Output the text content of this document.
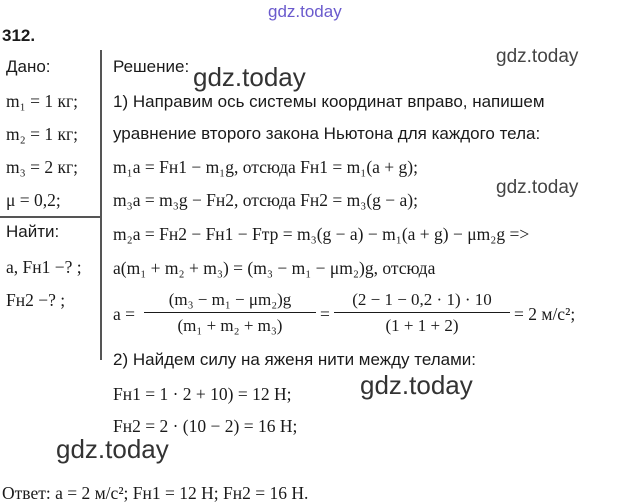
gdz.today
gdz.today
gdz.today
gdz.today
gdz.today
gdz.today
312.
Дано:
m₁ = 1 кг;
m₂ = 1 кг;
m₃ = 2 кг;
μ = 0,2;
Найти:
a, Fн1 −? ;
Fн2 −? ;
Решение:
1) Направим ось системы координат вправо, напишем
уравнение второго закона Ньютона для каждого тела:
m₁a = Fн1 − m₁g, отсюда Fн1 = m₁(a + g);
m₃a = m₃g − Fн2, отсюда Fн2 = m₃(g − a);
m₂a = Fн2 − Fн1 − Fтр = m₃(g − a) − m₁(a + g) − μm₂g =>
a(m₁ + m₂ + m₃) = (m₃ − m₁ − μm₂)g, отсюда
a =
(m₃ − m₁ − μm₂)g
(m₁ + m₂ + m₃)
=
(2 − 1 − 0,2 · 1) · 10
(1 + 1 + 2)
= 2 м/с²;
2) Найдем силу на яженя нити между телами:
Fн1 = 1 · 2 + 10) = 12 Н;
Fн2 = 2 · (10 − 2) = 16 Н;
Ответ: a = 2 м/с²; Fн1 = 12 Н; Fн2 = 16 Н.
